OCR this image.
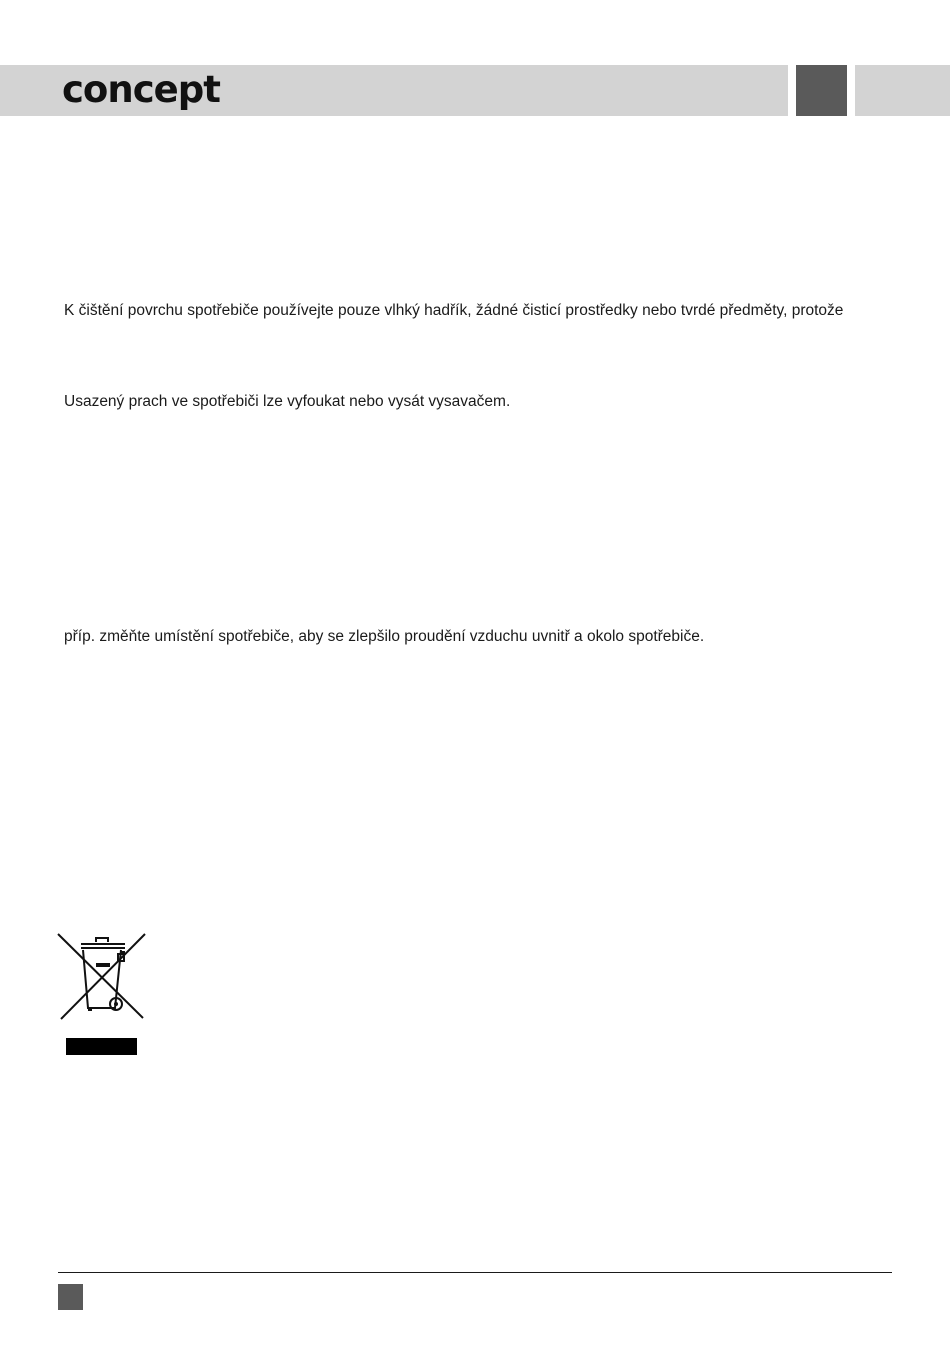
concept
K čištění povrchu spotřebiče používejte pouze vlhký hadřík, žádné čisticí prostředky nebo tvrdé předměty, protože
Usazený prach ve spotřebiči lze vyfoukat nebo vysát vysavačem.
příp. změňte umístění spotřebiče, aby se zlepšilo proudění vzduchu uvnitř a okolo spotřebiče.
